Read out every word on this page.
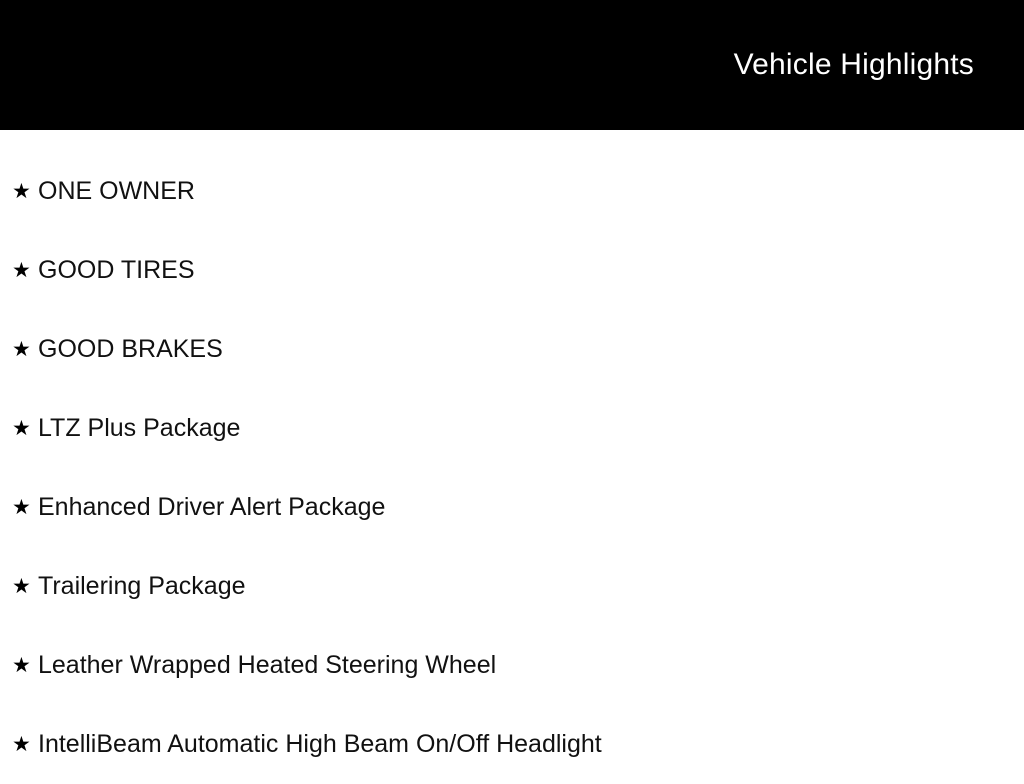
Vehicle Highlights
★ ONE OWNER
★ GOOD TIRES
★ GOOD BRAKES
★ LTZ Plus Package
★ Enhanced Driver Alert Package
★ Trailering Package
★ Leather Wrapped Heated Steering Wheel
★ IntelliBeam Automatic High Beam On/Off Headlight
